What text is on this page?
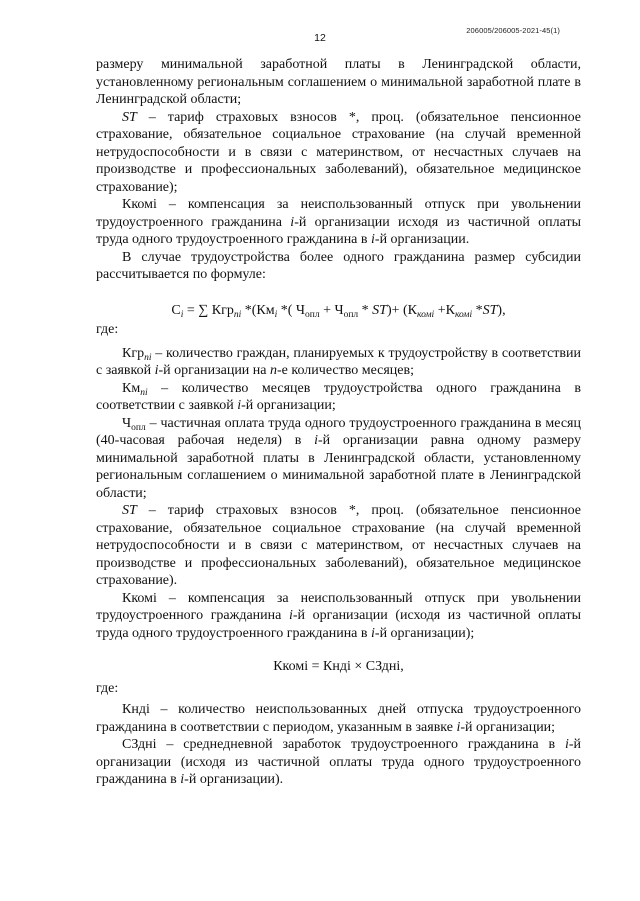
206005/206005-2021-45(1)
12

размеру минимальной заработной платы в Ленинградской области, установленному региональным соглашением о минимальной заработной плате в Ленинградской области;

ST – тариф страховых взносов *, проц. (обязательное пенсионное страхование, обязательное социальное страхование (на случай временной нетрудоспособности и в связи с материнством, от несчастных случаев на производстве и профессиональных заболеваний), обязательное медицинское страхование);

Ккомi – компенсация за неиспользованный отпуск при увольнении трудоустроенного гражданина i-й организации исходя из частичной оплаты труда одного трудоустроенного гражданина в i-й организации.

В случае трудоустройства более одного гражданина размер субсидии рассчитывается по формуле:

$С_i$ = ∑ Кгр$_{ni}$ $*(Км_i$ *( $Ч_{опл} + Ч_{опл} * ST)+ (К_{комi} +К_{комi}$ *ST),

где:

Кгр$_{ni}$ – количество граждан, планируемых к трудоустройству в соответствии с заявкой i-й организации на n-е количество месяцев;

$Км_{ni}$ – количество месяцев трудоустройства одного гражданина в соответствии с заявкой i-й организации;

$Ч_{опл}$ – частичная оплата труда одного трудоустроенного гражданина в месяц (40-часовая рабочая неделя) в i-й организации равна одному размеру минимальной заработной платы в Ленинградской области, установленному региональным соглашением о минимальной заработной плате в Ленинградской области;

ST – тариф страховых взносов *, проц. (обязательное пенсионное страхование, обязательное социальное страхование (на случай временной нетрудоспособности и в связи с материнством, от несчастных случаев на производстве и профессиональных заболеваний), обязательное медицинское страхование).

Ккомi – компенсация за неиспользованный отпуск при увольнении трудоустроенного гражданина i-й организации (исходя из частичной оплаты труда одного трудоустроенного гражданина в i-й организации);

Ккомi = Кндi × СЗднi,

где:

Кндi – количество неиспользованных дней отпуска трудоустроенного гражданина в соответствии с периодом, указанным в заявке i-й организации;

СЗднi – среднедневной заработок трудоустроенного гражданина в i-й организации (исходя из частичной оплаты труда одного трудоустроенного гражданина в i-й организации).
